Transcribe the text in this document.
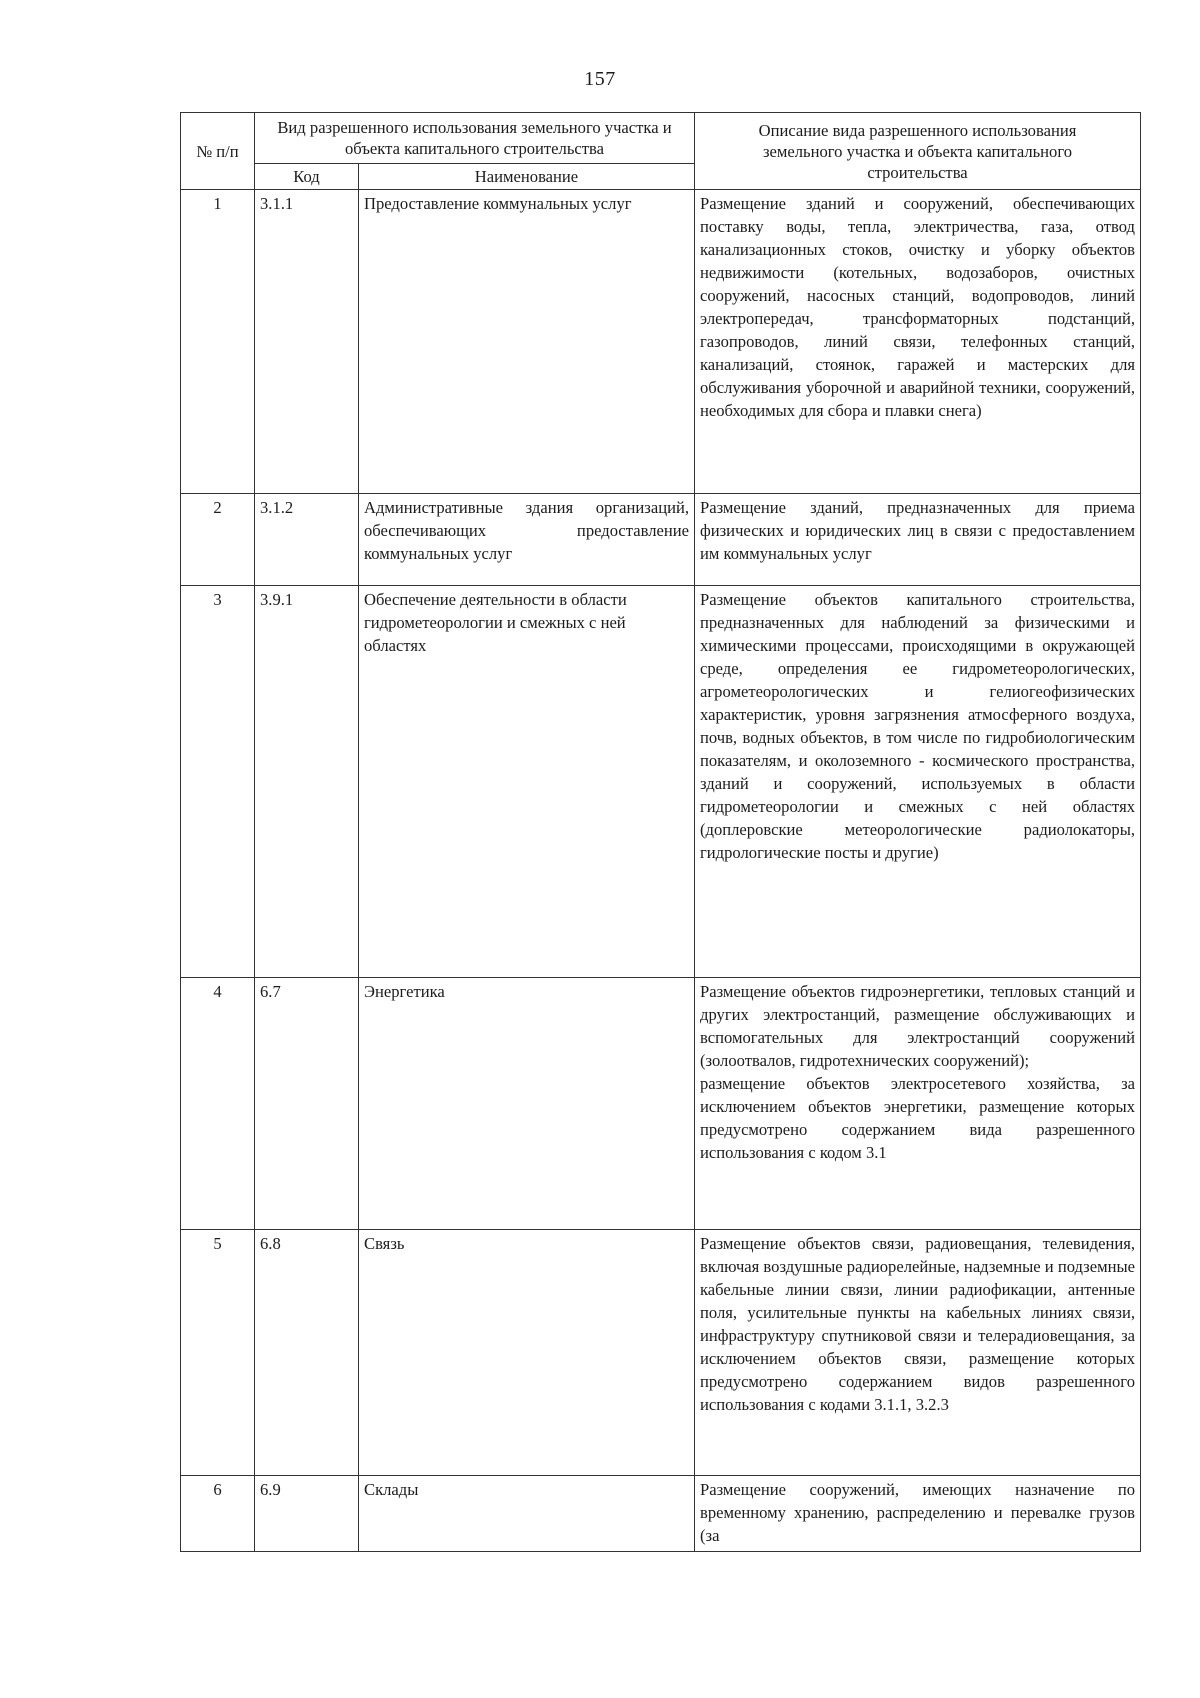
157
№ п/п	Вид разрешенного использования земельного участка и объекта капитального строительства		Описание вида разрешенного использования земельного участка и объекта капитального строительства
	Код	Наименование	
1	3.1.1	Предоставление коммунальных услуг	Размещение зданий и сооружений, обеспечивающих поставку воды, тепла, электричества, газа, отвод канализационных стоков, очистку и уборку объектов недвижимости (котельных, водозаборов, очистных сооружений, насосных станций, водопроводов, линий электропередач, трансформаторных подстанций, газопроводов, линий связи, телефонных станций, канализаций, стоянок, гаражей и мастерских для обслуживания уборочной и аварийной техники, сооружений, необходимых для сбора и плавки снега)
2	3.1.2	Административные здания организаций, обеспечивающих предоставление коммунальных услуг	Размещение зданий, предназначенных для приема физических и юридических лиц в связи с предоставлением им коммунальных услуг
3	3.9.1	Обеспечение деятельности в области гидрометеорологии и смежных с ней областях	Размещение объектов капитального строительства, предназначенных для наблюдений за физическими и химическими процессами, происходящими в окружающей среде, определения ее гидрометеорологических, агрометеорологических и гелиогеофизических характеристик, уровня загрязнения атмосферного воздуха, почв, водных объектов, в том числе по гидробиологическим показателям, и околоземного - космического пространства, зданий и сооружений, используемых в области гидрометеорологии и смежных с ней областях (доплеровские метеорологические радиолокаторы, гидрологические посты и другие)
4	6.7	Энергетика	Размещение объектов гидроэнергетики, тепловых станций и других электростанций, размещение обслуживающих и вспомогательных для электростанций сооружений (золоотвалов, гидротехнических сооружений);
размещение объектов электросетевого хозяйства, за исключением объектов энергетики, размещение которых предусмотрено содержанием вида разрешенного использования с кодом 3.1

5	6.8	Связь	Размещение объектов связи, радиовещания, телевидения, включая воздушные радиорелейные, надземные и подземные кабельные линии связи, линии радиофикации, антенные поля, усилительные пункты на кабельных линиях связи, инфраструктуру спутниковой связи и телерадиовещания, за исключением объектов связи, размещение которых предусмотрено содержанием видов разрешенного использования с кодами 3.1.1, 3.2.3
6	6.9	Склады	Размещение сооружений, имеющих назначение по временному хранению, распределению и перевалке грузов (за
